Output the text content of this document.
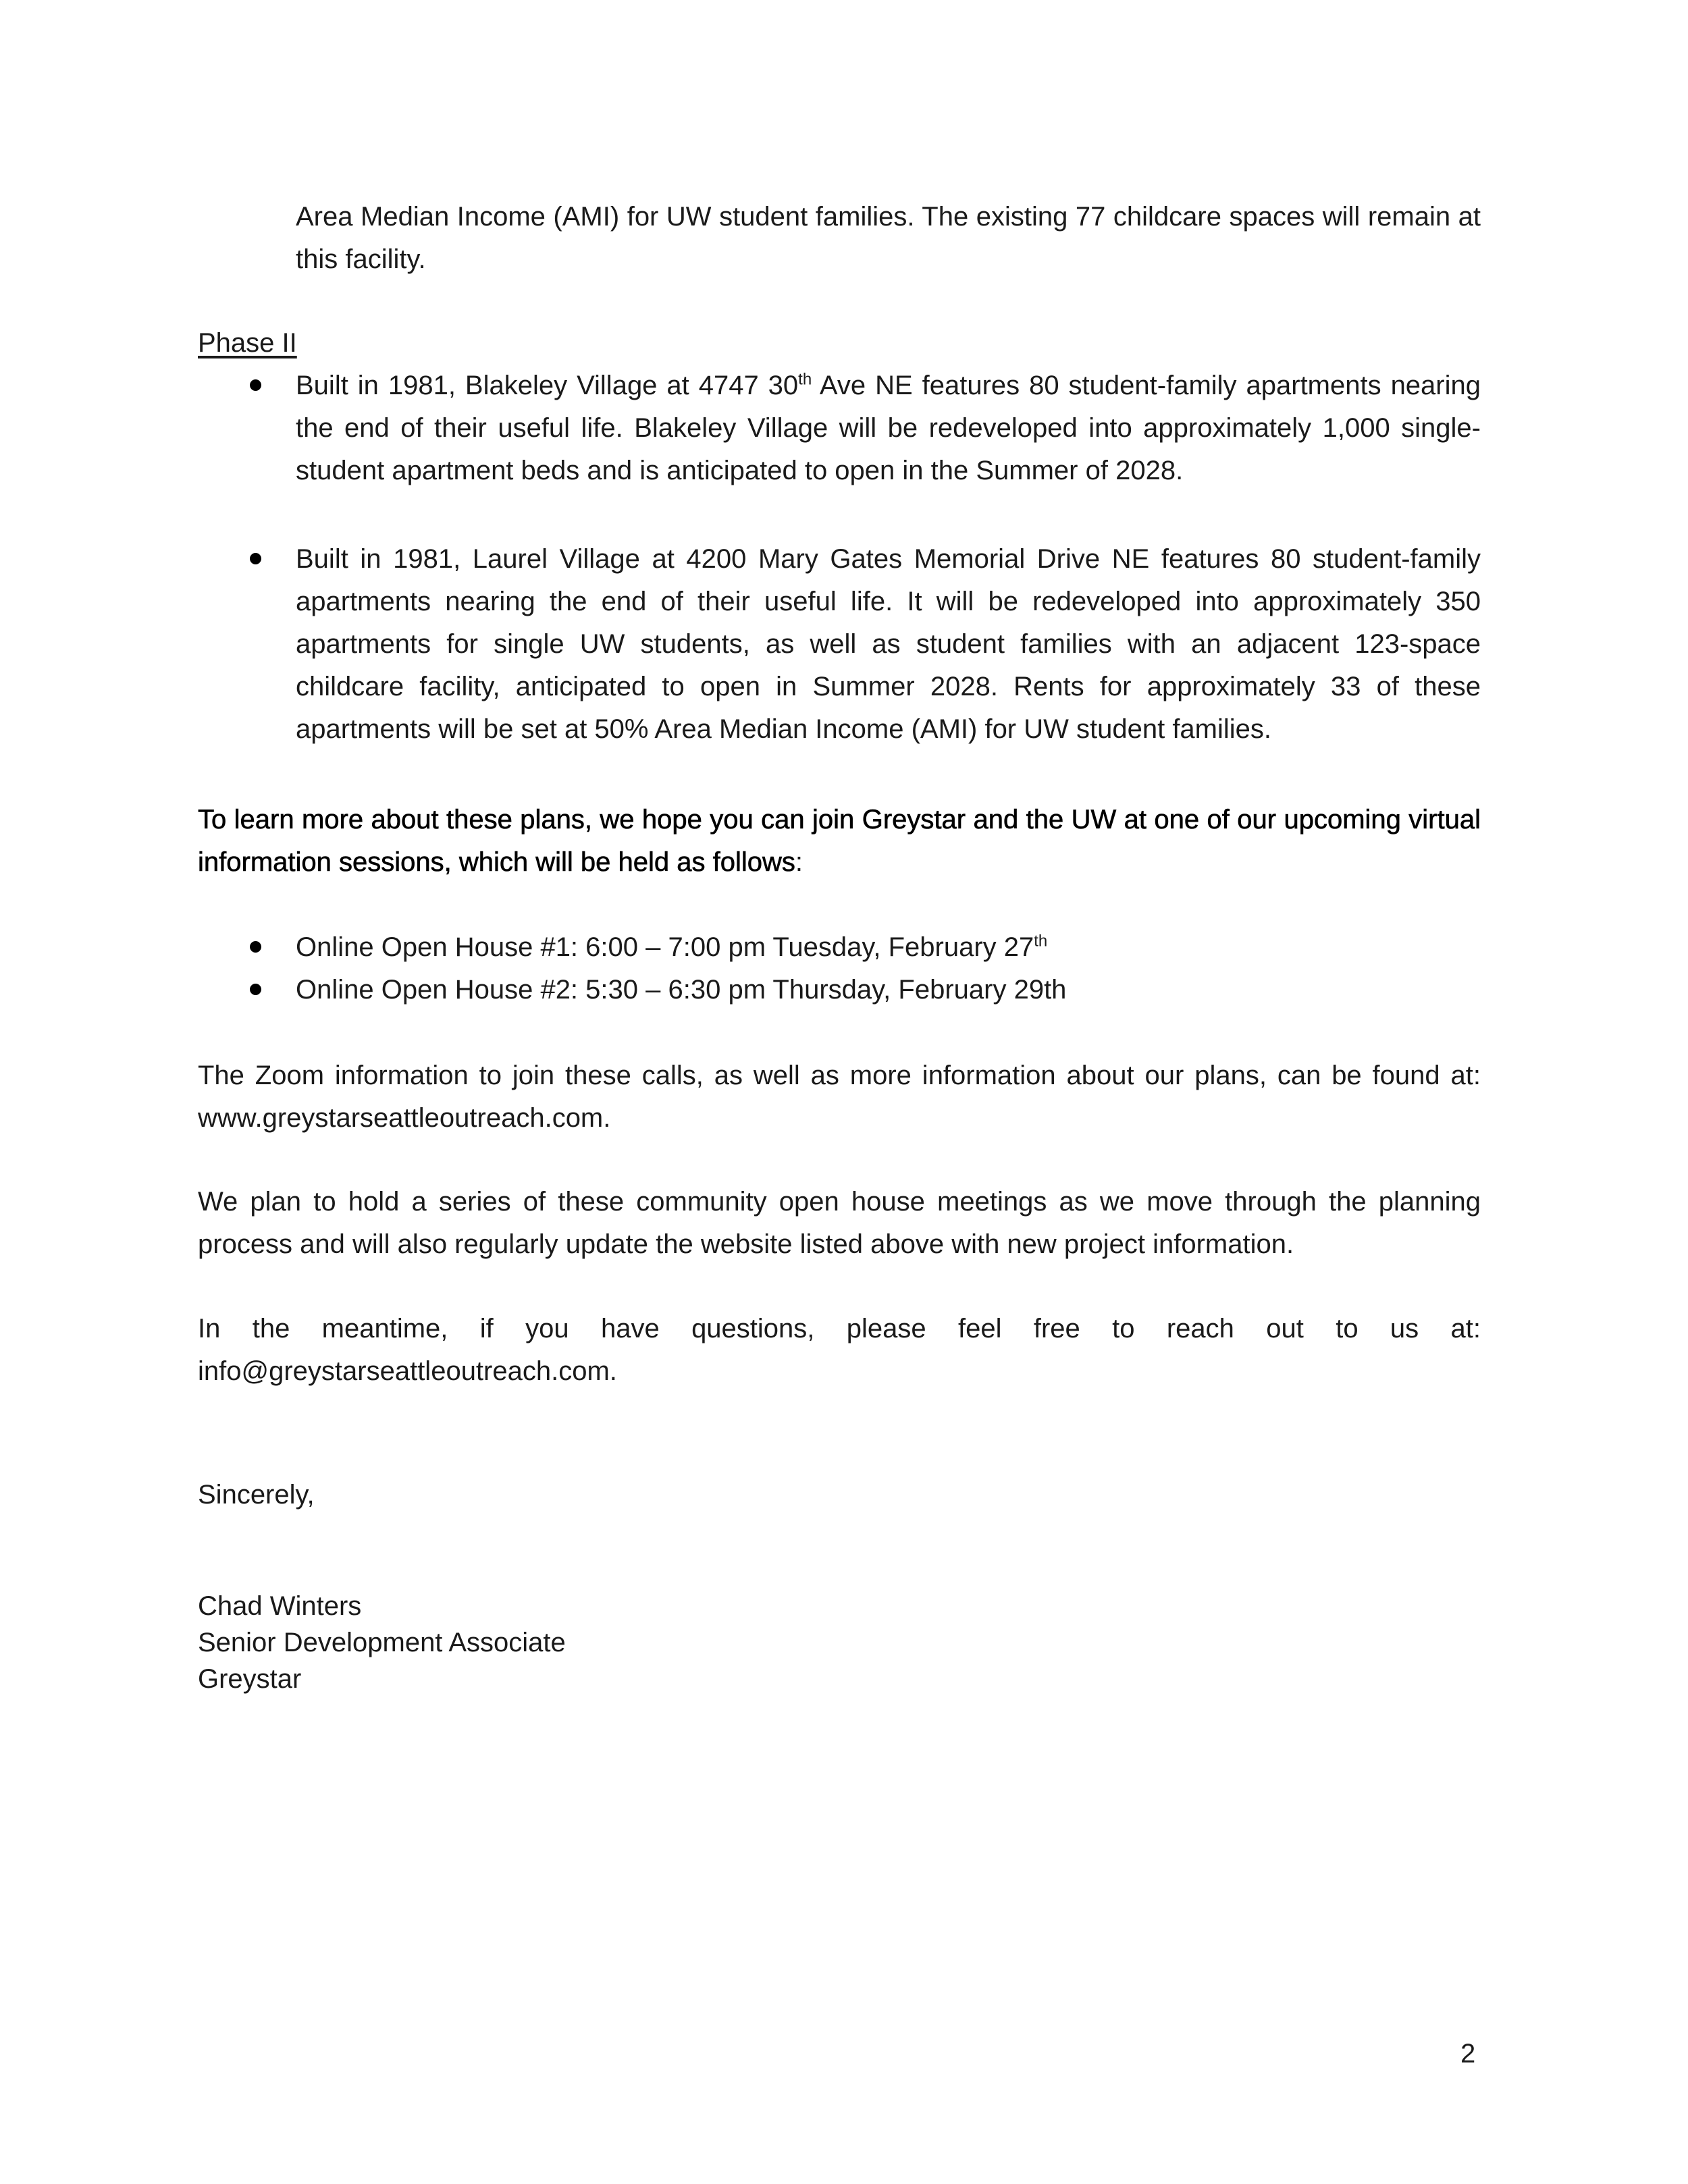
Area Median Income (AMI) for UW student families. The existing 77 childcare spaces will remain at this facility.

Phase II

Built in 1981, Blakeley Village at 4747 30th Ave NE features 80 student-family apartments nearing the end of their useful life. Blakeley Village will be redeveloped into approximately 1,000 single-student apartment beds and is anticipated to open in the Summer of 2028.
Built in 1981, Laurel Village at 4200 Mary Gates Memorial Drive NE features 80 student-family apartments nearing the end of their useful life. It will be redeveloped into approximately 350 apartments for single UW students, as well as student families with an adjacent 123-space childcare facility, anticipated to open in Summer 2028. Rents for approximately 33 of these apartments will be set at 50% Area Median Income (AMI) for UW student families.

To learn more about these plans, we hope you can join Greystar and the UW at one of our upcoming virtual information sessions, which will be held as follows:

Online Open House #1: 6:00 – 7:00 pm Tuesday, February 27th
Online Open House #2: 5:30 – 6:30 pm Thursday, February 29th

The Zoom information to join these calls, as well as more information about our plans, can be found at: www.greystarseattleoutreach.com.

We plan to hold a series of these community open house meetings as we move through the planning process and will also regularly update the website listed above with new project information.

In the meantime, if you have questions, please feel free to reach out to us at: info@greystarseattleoutreach.com.

Sincerely,

Chad Winters

Senior Development Associate

Greystar

2
